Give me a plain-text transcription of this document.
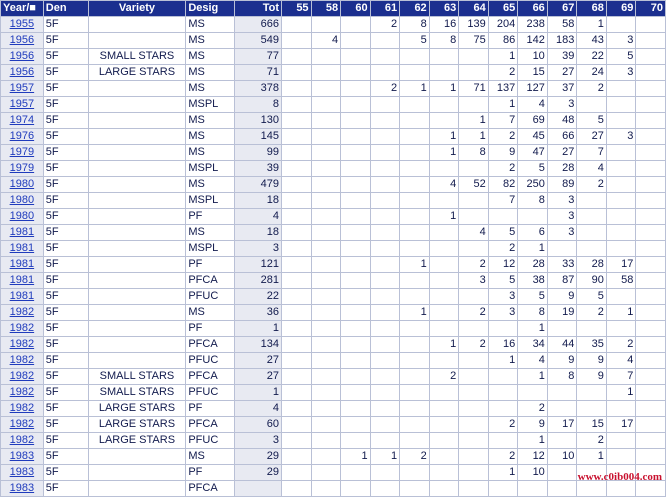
Year/■	Den	Variety	Desig	Tot	55	58	60	61	62	63	64	65	66	67	68	69	70
1955	5F		MS	666				2	8	16	139	204	238	58	1		
1956	5F		MS	549		4			5	8	75	86	142	183	43	3	
1956	5F	SMALL STARS	MS	77								1	10	39	22	5	
1956	5F	LARGE STARS	MS	71								2	15	27	24	3	
1957	5F		MS	378				2	1	1	71	137	127	37	2		
1957	5F		MSPL	8								1	4	3			
1974	5F		MS	130							1	7	69	48	5		
1976	5F		MS	145						1	1	2	45	66	27	3	
1979	5F		MS	99						1	8	9	47	27	7		
1979	5F		MSPL	39								2	5	28	4		
1980	5F		MS	479						4	52	82	250	89	2		
1980	5F		MSPL	18								7	8	3			
1980	5F		PF	4						1				3			
1981	5F		MS	18							4	5	6	3			
1981	5F		MSPL	3								2	1				
1981	5F		PF	121					1		2	12	28	33	28	17	
1981	5F		PFCA	281							3	5	38	87	90	58	
1981	5F		PFUC	22								3	5	9	5		
1982	5F		MS	36					1		2	3	8	19	2	1	
1982	5F		PF	1									1				
1982	5F		PFCA	134						1	2	16	34	44	35	2	
1982	5F		PFUC	27								1	4	9	9	4	
1982	5F	SMALL STARS	PFCA	27						2			1	8	9	7	
1982	5F	SMALL STARS	PFUC	1												1	
1982	5F	LARGE STARS	PF	4									2				
1982	5F	LARGE STARS	PFCA	60								2	9	17	15	17	
1982	5F	LARGE STARS	PFUC	3									1		2		
1983	5F		MS	29			1	1	2			2	12	10	1		
1983	5F		PF	29								1	10				
1983	5F		PFCA														
www.c0ib004.com
